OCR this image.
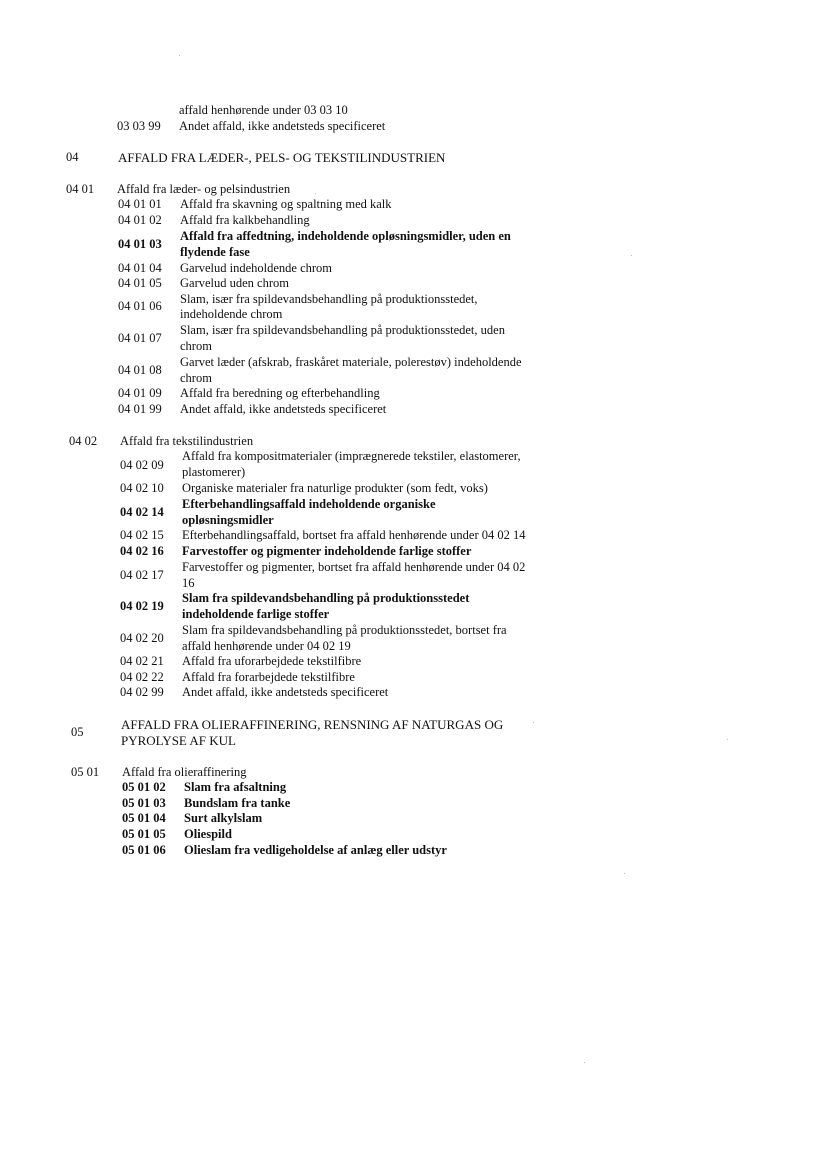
affald henhørende under 03 03 10
03 03 99 Andet affald, ikke andetsteds specificeret
04	AFFALD FRA LÆDER-, PELS- OG TEKSTILINDUSTRIEN
04 01 Affald fra læder- og pelsindustrien
04 01 01 Affald fra skavning og spaltning med kalk
04 01 02 Affald fra kalkbehandling
04 01 03
Affald fra affedtning, indeholdende opløsningsmidler, uden en
flydende fase
04 01 04 Garvelud indeholdende chrom
04 01 05 Garvelud uden chrom
04 01 06 Slam, især fra spildevandsbehandling på produktionsstedet,
indeholdende chrom
04 01 07
Slam, især fra spildevandsbehandling på produktionsstedet, uden
chrom
04 01 08
Garvet læder (afskrab, fraskåret materiale, polerestøv) indeholdende
chrom
04 01 09 Affald fra beredning og efterbehandling
04 01 99 Andet affald, ikke andetsteds specificeret
04 02 Affald fra tekstilindustrien
04 02 09
Affald fra kompositmaterialer (imprægnerede tekstiler, elastomerer,
plastomerer)
04 02 10 Organiske materialer fra naturlige produkter (som fedt, voks)
04 02 14
Efterbehandlingsaffald indeholdende organiske
opløsningsmidler
04 02 15 Efterbehandlingsaffald, bortset fra affald henhørende under 04 02 14
04 02 16 Farvestoffer og pigmenter indeholdende farlige stoffer
04 02 17
Farvestoffer og pigmenter, bortset fra affald henhørende under 04 02
16
04 02 19
Slam fra spildevandsbehandling på produktionsstedet
indeholdende farlige stoffer
04 02 20
Slam fra spildevandsbehandling på produktionsstedet, bortset fra
affald henhørende under 04 02 19
04 02 21 Affald fra uforarbejdede tekstilfibre
04 02 22 Affald fra forarbejdede tekstilfibre
04 02 99 Andet affald, ikke andetsteds specificeret
05	AFFALD FRA OLIERAFFINERING, RENSNING AF NATURGAS OG
PYROLYSE AF KUL
05 01 Affald fra olieraffinering
05 01 02 Slam fra afsaltning
05 01 03 Bundslam fra tanke
05 01 04 Surt alkylslam
05 01 05 Oliespild
05 01 06 Olieslam fra vedligeholdelse af anlæg eller udstyr
